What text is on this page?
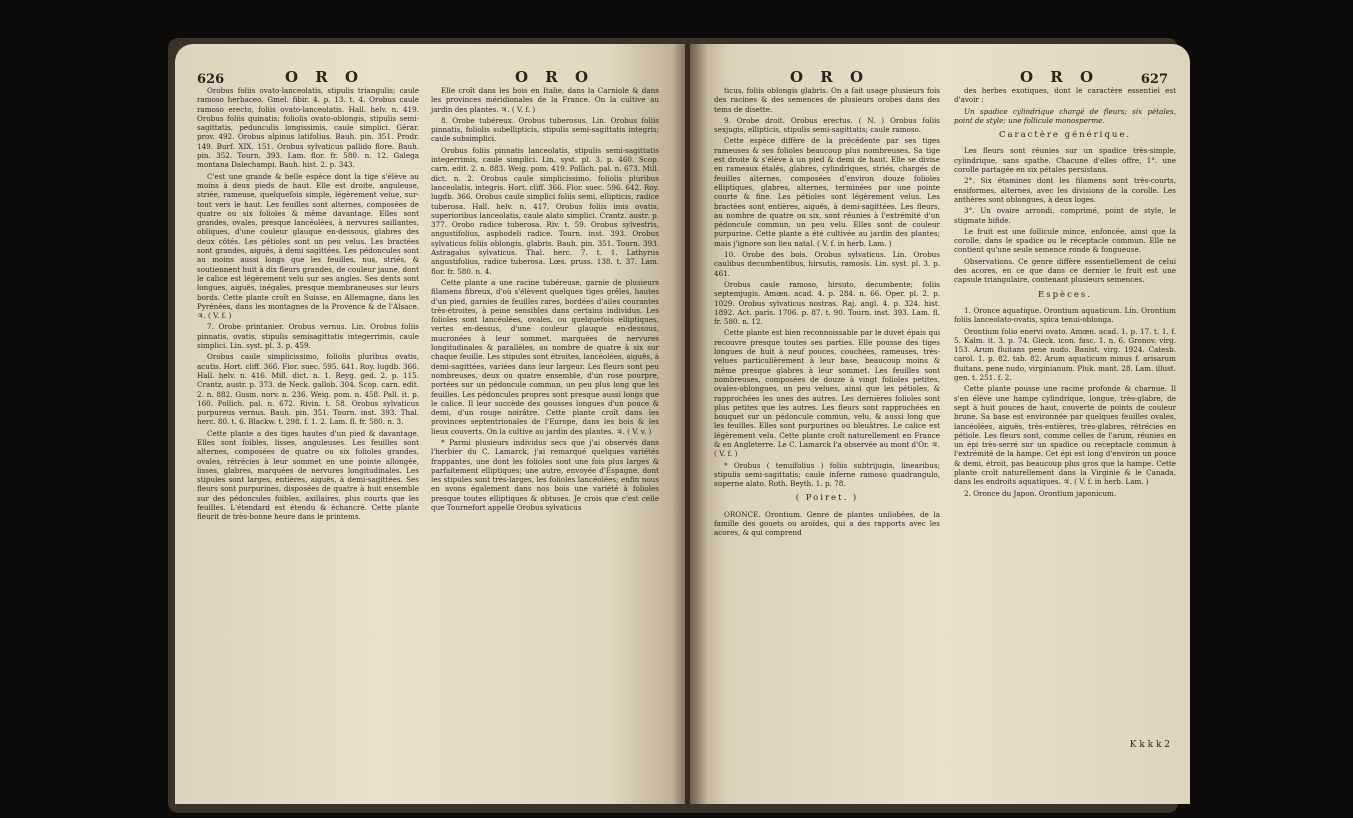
626	O R O	O R O

Orobus foliis ovato-lanceolatis, stipulis triangulis; caule ramoso herbaceo. Gmel. fibir. 4. p. 13. t. 4. Orobus caule ramoso erecto, foliis ovato-lanceolatis. Hall. helv. n. 419. Orobus foliis quinatis; foliolis ovato-oblongis, stipulis semi-sagittatis, pedunculis longissimis, caule simplici. Gérar. prov. 492. Orobus alpinus latifolius. Bauh. pin. 351. Prodr. 149. Burf. XIX. 151. Orobus sylvaticus pallido flore. Bauh. pin. 352. Tourn. 393. Lam. flor. fr. 580. n. 12. Galega montana Dalechampi. Bauh. hist. 2. p. 343.

C'est une grande & belle espèce dont la tige s'élève au moins à deux pieds de haut. Elle est droite, anguleuse, striée, rameuse, quelquefois simple, légèrement velue, sur-tout vers le haut. Les feuilles sont alternes, composées de quatre ou six folioles & même davantage. Elles sont grandes, ovales, presque lancéolées, à nervures saillantes, obliques, d'une couleur glauque en-dessous, glabres des deux côtés. Les pétioles sont un peu velus. Les bractées sont grandes, aiguës, à demi sagittées. Les pédoncules sont au moins aussi longs que les feuilles, nus, striés, & soutiennent huit à dix fleurs grandes, de couleur jaune, dont le calice est légèrement velu sur ses angles. Ses dents sont longues, aiguës, inégales, presque membraneuses sur leurs bords. Cette plante croît en Suisse, en Allemagne, dans les Pyrénées, dans les montagnes de la Provence & de l'Alsace. ♃. ( V. f. )

7. Orobe printanier. Orobus vernus. Lin. Orobus foliis pinnatis, ovatis, stipulis semisagittatis integerrimis, caule simplici. Lin. syst. pl. 3. p. 459.

Orobus caule simplicissimo, foliolis pluribus ovatis, acutis. Hort. cliff. 366. Flor. suec. 595. 641. Roy. lugdb. 366. Hall. helv. n. 416. Mill. dict. n. 1. Reyg. ged. 2. p. 115. Crantz, austr. p. 373. de Neck. gallob. 304. Scop. carn. edit. 2. n. 882. Gusm. norv. n. 236. Weig. pom. n. 458. Pall. it. p. 160. Pollich. pal. n. 672. Rivin. t. 58. Orobus sylvaticus purpureus vernus. Bauh. pin. 351. Tourn. inst. 393. Thal. herc. 80. t. 6. Blackw. t. 298. f. 1. 2. Lam. fl. fr. 580. n. 3.

Cette plante a des tiges hautes d'un pied & davantage. Elles sont foibles, lisses, anguleuses. Les feuilles sont alternes, composées de quatre ou six folioles grandes, ovales, rétrécies à leur sommet en une pointe allongée, lisses, glabres, marquées de nervures longitudinales. Les stipules sont larges, entières, aiguës, à demi-sagittées. Ses fleurs sont purpurines, disposées de quatre à huit ensemble sur des pédoncules foibles, axillaires, plus courts que les feuilles. L'étendard est étendu & échancré. Cette plante fleurit de très-bonne heure dans le printems.

Elle croît dans les bois en Italie, dans la Carniole & dans les provinces méridionales de la France. On la cultive au jardin des plantes. ♃. ( V. f. )

8. Orobe tubéreux. Orobus tuberosus. Lin. Orobus foliis pinnatis, foliolis subellipticis, stipulis semi-sagittatis integris; caule subsimplici.

Orobus foliis pinnatis lanceolatis, stipulis semi-sagittatis integerrimis, caule simplici. Lin. syst. pl. 3. p. 460. Scop. carn. edit. 2. n. 883. Weig. pom. 419. Pollich. pal. n. 673. Mill. dict. n. 2. Orobus caule simplicissimo, foliolis pluribus lanceolatis, integris. Hort. cliff. 366. Flor. suec. 596. 642. Roy. lugdb. 366. Orobus caule simplici foliis semi, ellipticis, radice tuberosa. Hall. helv. n. 417. Orobus foliis imis ovatis, superioribus lanceolatis, caule alato simplici. Crantz. austr. p. 377. Orobo radice tuberosa. Riv. t. 59. Orobus sylvestris, angustifolius, asphodeli radice. Tourn. inst. 393. Orobus sylvaticus foliis oblongis, glabris. Bauh. pin. 351. Tourn. 393. Astragalus sylvaticus. Thal. herc. 7. t. 1. Lathyrus angustifolius, radice tuberosa. Lœs. pruss. 138. t. 37. Lam. flor. fr. 580. n. 4.

Cette plante a une racine tubéreuse, garnie de plusieurs filamens fibreux, d'où s'élèvent quelques tiges grêles, hautes d'un pied, garnies de feuilles rares, bordées d'ailes courantes très-étroites, à peine sensibles dans certains individus. Les folioles sont lancéolées, ovales, ou quelquefois elliptiques, vertes en-dessus, d'une couleur glauque en-dessous, mucronées à leur sommet, marquées de nervures longitudinales & parallèles, au nombre de quatre à six sur chaque feuille. Les stipules sont étroites, lancéolées, aiguës, à demi-sagittées, variées dans leur largeur. Les fleurs sont peu nombreuses, deux ou quatre ensemble, d'un rose pourpre, portées sur un pédoncule commun, un peu plus long que les feuilles. Les pédoncules propres sont presque aussi longs que le calice. Il leur succède des gousses longues d'un pouce & demi, d'un rouge noirâtre. Cette plante croît dans les provinces septentrionales de l'Europe, dans les bois & les lieux couverts. On la cultive au jardin des plantes. ♃. ( V. v. )

* Parmi plusieurs individus secs que j'ai observés dans l'herbier du C. Lamarck, j'ai remarqué quelques variétés frappantes, une dont les folioles sont une fois plus larges & parfaitement elliptiques; une autre, envoyée d'Espagne, dont les stipules sont très-larges, les folioles lancéolées; enfin nous en avons également dans nos bois une variété à folioles presque toutes elliptiques & obtuses. Je crois que c'est celle que Tournefort appelle Orobus sylvaticus

O R O	O R O	627

ticus, foliis oblongis glabris. On a fait usage plusieurs fois des racines & des semences de plusieurs orobes dans des tems de disette.

9. Orobe droit. Orobus erectus. ( N. ) Orobus foliis sexjugis, ellipticis, stipulis semi-sagittatis; caule ramoso.

Cette espèce diffère de la précédente par ses tiges rameuses & ses folioles beaucoup plus nombreuses. Sa tige est droite & s'élève à un pied & demi de haut. Elle se divise en rameaux étalés, glabres, cylindriques, striés, chargés de feuilles alternes, composées d'environ douze folioles elliptiques, glabres, alternes, terminées par une pointe courte & fine. Les pétioles sont légèrement velus. Les bractées sont entières, aiguës, à demi-sagittées. Les fleurs, au nombre de quatre ou six, sont réunies à l'extrémité d'un pédoncule commun, un peu velu. Elles sont de couleur purpurine. Cette plante a été cultivée au jardin des plantes; mais j'ignore son lieu natal. ( V. f. in herb. Lam. )

10. Orobe des bois. Orobus sylvaticus. Lin. Orobus caulibus decumbentibus, hirsutis, ramosis. Lin. syst. pl. 3. p. 461.

Orobus caule ramoso, hirsuto, decumbente; foliis septemjugis. Amœn. acad. 4. p. 284. n. 66. Oper. pl. 2. p. 1029. Orobus sylvaticus nostras. Raj. angl. 4. p. 324. hist. 1892. Act. paris. 1706. p. 87. t. 90. Tourn. inst. 393. Lam. fl. fr. 580. n. 12.

Cette plante est bien reconnoissable par le duvet épais qui recouvre presque toutes ses parties. Elle pousse des tiges longues de huit à neuf pouces, couchées, rameuses, très-velues particulièrement à leur base, beaucoup moins & même presque glabres à leur sommet. Les feuilles sont nombreuses, composées de douze à vingt folioles petites, ovales-oblongues, un peu velues, ainsi que les pétioles, & rapprochées les unes des autres. Les dernières folioles sont plus petites que les autres. Les fleurs sont rapprochées en bouquet sur un pédoncule commun, velu, & aussi long que les feuilles. Elles sont purpurines ou bleuâtres. Le calice est légèrement velu. Cette plante croît naturellement en France & en Angleterre. Le C. Lamarck l'a observée au mont d'Or. ♃. ( V. f. )

* Orobus ( tenuifolius ) foliis subtrijugis, linearibus; stipulis semi-sagittatis; caule inferne ramoso quadrangulo, superne alato. Roth. Beyth. 1. p. 78.

( Poiret. )

ORONCE. Orontium. Genre de plantes unilobées, de la famille des gouets ou aroïdes, qui a des rapports avec les acores, & qui comprend

des herbes exotiques, dont le caractère essentiel est d'avoir :

Un spadice cylindrique chargé de fleurs; six pétales, point de style; une follicule monosperme.

Caractère générique.

Les fleurs sont réunies sur un spadice très-simple, cylindrique, sans spathe. Chacune d'elles offre, 1°. une corolle partagée en six pétales persistans.

2°. Six étamines dont les filamens sont très-courts, ensiformes, alternes, avec les divisions de la corolle. Les anthères sont oblongues, à deux loges.

3°. Un ovaire arrondi, comprimé, point de style, le stigmate bifide.

Le fruit est une follicule mince, enfoncée, ainsi que la corolle, dans le spadice ou le réceptacle commun. Elle ne contient qu'une seule semence ronde & fongueuse.

Observations. Ce genre diffère essentiellement de celui des acores, en ce que dans ce dernier le fruit est une capsule triangulaire, contenant plusieurs semences.

Espèces.

1. Oronce aquatique. Orontium aquaticum. Lin. Orontium foliis lanceolato-ovatis, spica tenui-oblonga.

Orontium folio enervi ovato. Amœn. acad. 1. p. 17. t. 1. f. 5. Kalm. it. 3. p. 74. Gieck. icon. fasc. 1. n. 6. Gronov. virg. 153. Arum fluitans pene nudo. Banist. virg. 1924. Catesb. carol. 1. p. 82. tab. 82. Arum aquaticum minus f. arisarum fluitans, pene nudo, virginianum. Pluk. mant. 28. Lam. illust. gen. t. 251. f. 2.

Cette plante pousse une racine profonde & charnue. Il s'en élève une hampe cylindrique, longue, très-glabre, de sept à huit pouces de haut, couverte de points de couleur brune. Sa base est environnée par quelques feuilles ovales, lancéolées, aiguës, très-entières, très-glabres, rétrécies en pétiole. Les fleurs sont, comme celles de l'arum, réunies en un épi très-serré sur un spadice ou receptacle commun à l'extrémité de la hampe. Cet épi est long d'environ un pouce & demi, étroit, pas beaucoup plus gros que la hampe. Cette plante croît naturellement dans la Virginie & le Canada, dans les endroits aquatiques. ♃. ( V. f. in herb. Lam. )

2. Oronce du Japon. Orontium japonicum.

K k k k 2
